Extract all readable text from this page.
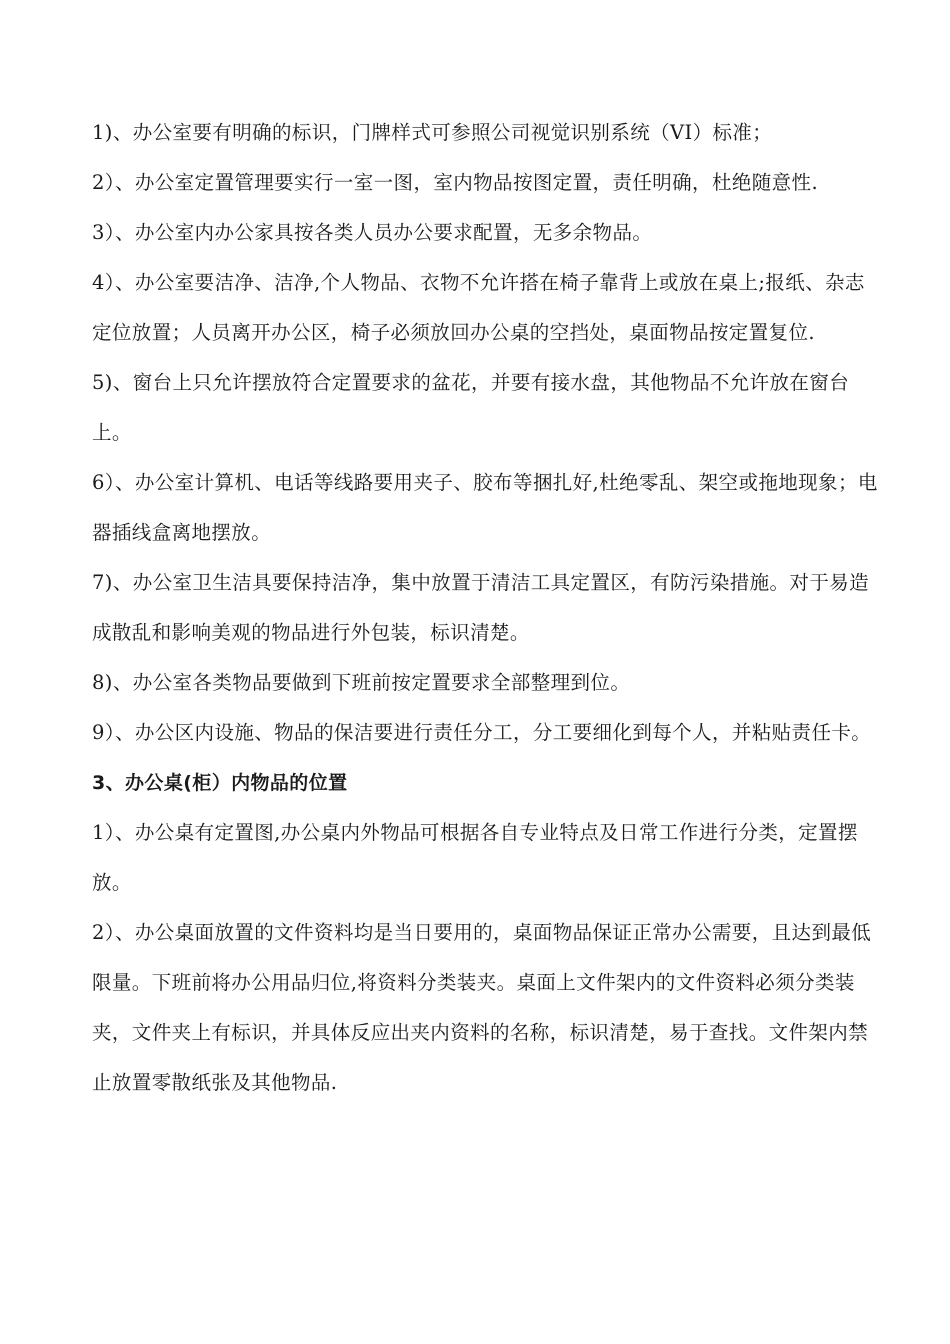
1)、办公室要有明确的标识，门牌样式可参照公司视觉识别系统（VI）标准；

2）、办公室定置管理要实行一室一图，室内物品按图定置，责任明确，杜绝随意性.

3）、办公室内办公家具按各类人员办公要求配置，无多余物品。

4）、办公室要洁净、洁净,个人物品、衣物不允许搭在椅子靠背上或放在桌上;报纸、杂志定位放置；人员离开办公区，椅子必须放回办公桌的空挡处，桌面物品按定置复位.

5)、窗台上只允许摆放符合定置要求的盆花，并要有接水盘，其他物品不允许放在窗台上。

6）、办公室计算机、电话等线路要用夹子、胶布等捆扎好,杜绝零乱、架空或拖地现象；电器插线盒离地摆放。

7)、办公室卫生洁具要保持洁净，集中放置于清洁工具定置区，有防污染措施。对于易造成散乱和影响美观的物品进行外包装，标识清楚。

8)、办公室各类物品要做到下班前按定置要求全部整理到位。

9）、办公区内设施、物品的保洁要进行责任分工，分工要细化到每个人，并粘贴责任卡。

3、办公桌(柜）内物品的位置

1）、办公桌有定置图,办公桌内外物品可根据各自专业特点及日常工作进行分类，定置摆放。

2）、办公桌面放置的文件资料均是当日要用的，桌面物品保证正常办公需要，且达到最低限量。下班前将办公用品归位,将资料分类装夹。桌面上文件架内的文件资料必须分类装夹，文件夹上有标识，并具体反应出夹内资料的名称，标识清楚，易于查找。文件架内禁止放置零散纸张及其他物品.
